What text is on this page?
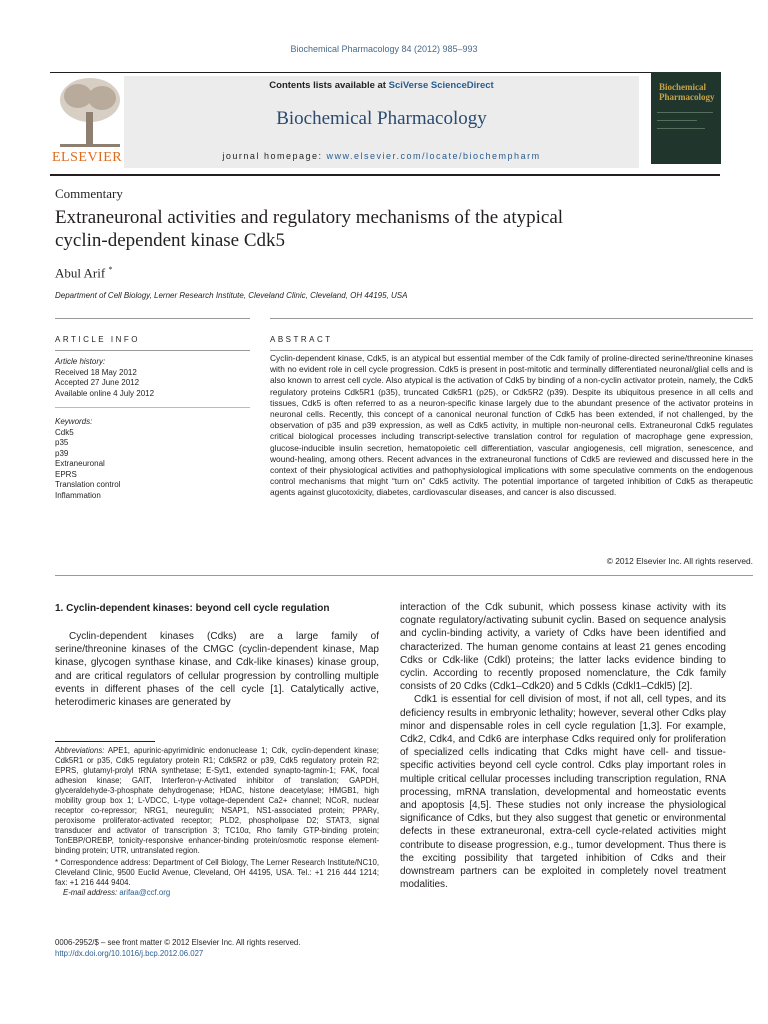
Biochemical Pharmacology 84 (2012) 985–993
Contents lists available at SciVerse ScienceDirect
Biochemical Pharmacology
journal homepage: www.elsevier.com/locate/biochempharm
ELSEVIER
Biochemical Pharmacology
Commentary
Extraneuronal activities and regulatory mechanisms of the atypical
cyclin-dependent kinase Cdk5
Abul Arif *
Department of Cell Biology, Lerner Research Institute, Cleveland Clinic, Cleveland, OH 44195, USA
ARTICLE INFO
Article history:
Received 18 May 2012
Accepted 27 June 2012
Available online 4 July 2012
Keywords:
Cdk5
p35
p39
Extraneuronal
EPRS
Translation control
Inflammation
ABSTRACT
Cyclin-dependent kinase, Cdk5, is an atypical but essential member of the Cdk family of proline-directed serine/threonine kinases with no evident role in cell cycle progression. Cdk5 is present in post-mitotic and terminally differentiated neuronal/glial cells and is also known to arrest cell cycle. Also atypical is the activation of Cdk5 by binding of a non-cyclin activator protein, namely, the Cdk5 regulatory proteins Cdk5R1 (p35), truncated Cdk5R1 (p25), or Cdk5R2 (p39). Despite its ubiquitous presence in all cells and tissues, Cdk5 is often referred to as a neuron-specific kinase largely due to the abundant presence of the activator proteins in neuronal cells. Recently, this concept of a canonical neuronal function of Cdk5 has been extended, if not challenged, by the observation of p35 and p39 expression, as well as Cdk5 activity, in multiple non-neuronal cells. Extraneuronal Cdk5 regulates critical biological processes including transcript-selective translation control for regulation of macrophage gene expression, glucose-inducible insulin secretion, hematopoietic cell differentiation, vascular angiogenesis, cell migration, senescence, and wound-healing, among others. Recent advances in the extraneuronal functions of Cdk5 are reviewed and discussed here in the context of their physiological activities and pathophysiological implications with some speculative comments on the endogenous control mechanisms that might “turn on” Cdk5 activity. The potential importance of targeted inhibition of Cdk5 as therapeutic agents against glucotoxicity, diabetes, cardiovascular diseases, and cancer is also discussed.
© 2012 Elsevier Inc. All rights reserved.
1. Cyclin-dependent kinases: beyond cell cycle regulation

Cyclin-dependent kinases (Cdks) are a large family of serine/threonine kinases of the CMGC (cyclin-dependent kinase, Map kinase, glycogen synthase kinase, and Cdk-like kinases) kinase group, and are critical regulators of cellular progression by controlling multiple events in different phases of the cell cycle [1]. Catalytically active, heterodimeric kinases are generated by

interaction of the Cdk subunit, which possess kinase activity with its cognate regulatory/activating subunit cyclin. Based on sequence analysis and cyclin-binding activity, a variety of Cdks have been identified and characterized. The human genome contains at least 21 genes encoding Cdks or Cdk-like (Cdkl) proteins; the latter lacks evidence binding to cyclin. According to recently proposed nomenclature, the Cdk family consists of 20 Cdks (Cdk1–Cdk20) and 5 Cdkls (Cdkl1–Cdkl5) [2].

Cdk1 is essential for cell division of most, if not all, cell types, and its deficiency results in embryonic lethality; however, several other Cdks play minor and dispensable roles in cell cycle regulation [1,3]. For example, Cdk2, Cdk4, and Cdk6 are interphase Cdks required only for proliferation of specialized cells indicating that Cdks might have cell- and tissue-specific activities beyond cell cycle control. Cdks play important roles in multiple critical cellular processes including transcription regulation, RNA processing, mRNA translation, developmental and homeostatic events and apoptosis [4,5]. These studies not only increase the physiological significance of Cdks, but they also suggest that genetic or environmental defects in these extraneuronal, extra-cell cycle-related activities might contribute to disease progression, e.g., tumor development. Thus there is the exciting possibility that targeted inhibition of Cdks and their downstream partners can be exploited in completely novel treatment modalities.

Abbreviations: APE1, apurinic-apyrimidinic endonuclease 1; Cdk, cyclin-dependent kinase; Cdk5R1 or p35, Cdk5 regulatory protein R1; Cdk5R2 or p39, Cdk5 regulatory protein R2; EPRS, glutamyl-prolyl tRNA synthetase; E-Syt1, extended synapto-tagmin-1; FAK, focal adhesion kinase; GAIT, Interferon-γ-Activated inhibitor of translation; GAPDH, glyceraldehyde-3-phosphate dehydrogenase; HDAC, histone deacetylase; HMGB1, high mobility group box 1; L-VDCC, L-type voltage-dependent Ca2+ channel; NCoR, nuclear receptor co-repressor; NRG1, neuregulin; NSAP1, NS1-associated protein; PPARγ, peroxisome proliferator-activated receptor; PLD2, phospholipase D2; STAT3, signal transducer and activator of transcription 3; TC10α, Rho family GTP-binding protein; TonEBP/OREBP, tonicity-responsive enhancer-binding protein/osmotic response element-binding protein; UTR, untranslated region.
* Correspondence address: Department of Cell Biology, The Lerner Research Institute/NC10, Cleveland Clinic, 9500 Euclid Avenue, Cleveland, OH 44195, USA. Tel.: +1 216 444 1214; fax: +1 216 444 9404.
E-mail address: arifaa@ccf.org
0006-2952/$ – see front matter © 2012 Elsevier Inc. All rights reserved.
http://dx.doi.org/10.1016/j.bcp.2012.06.027
